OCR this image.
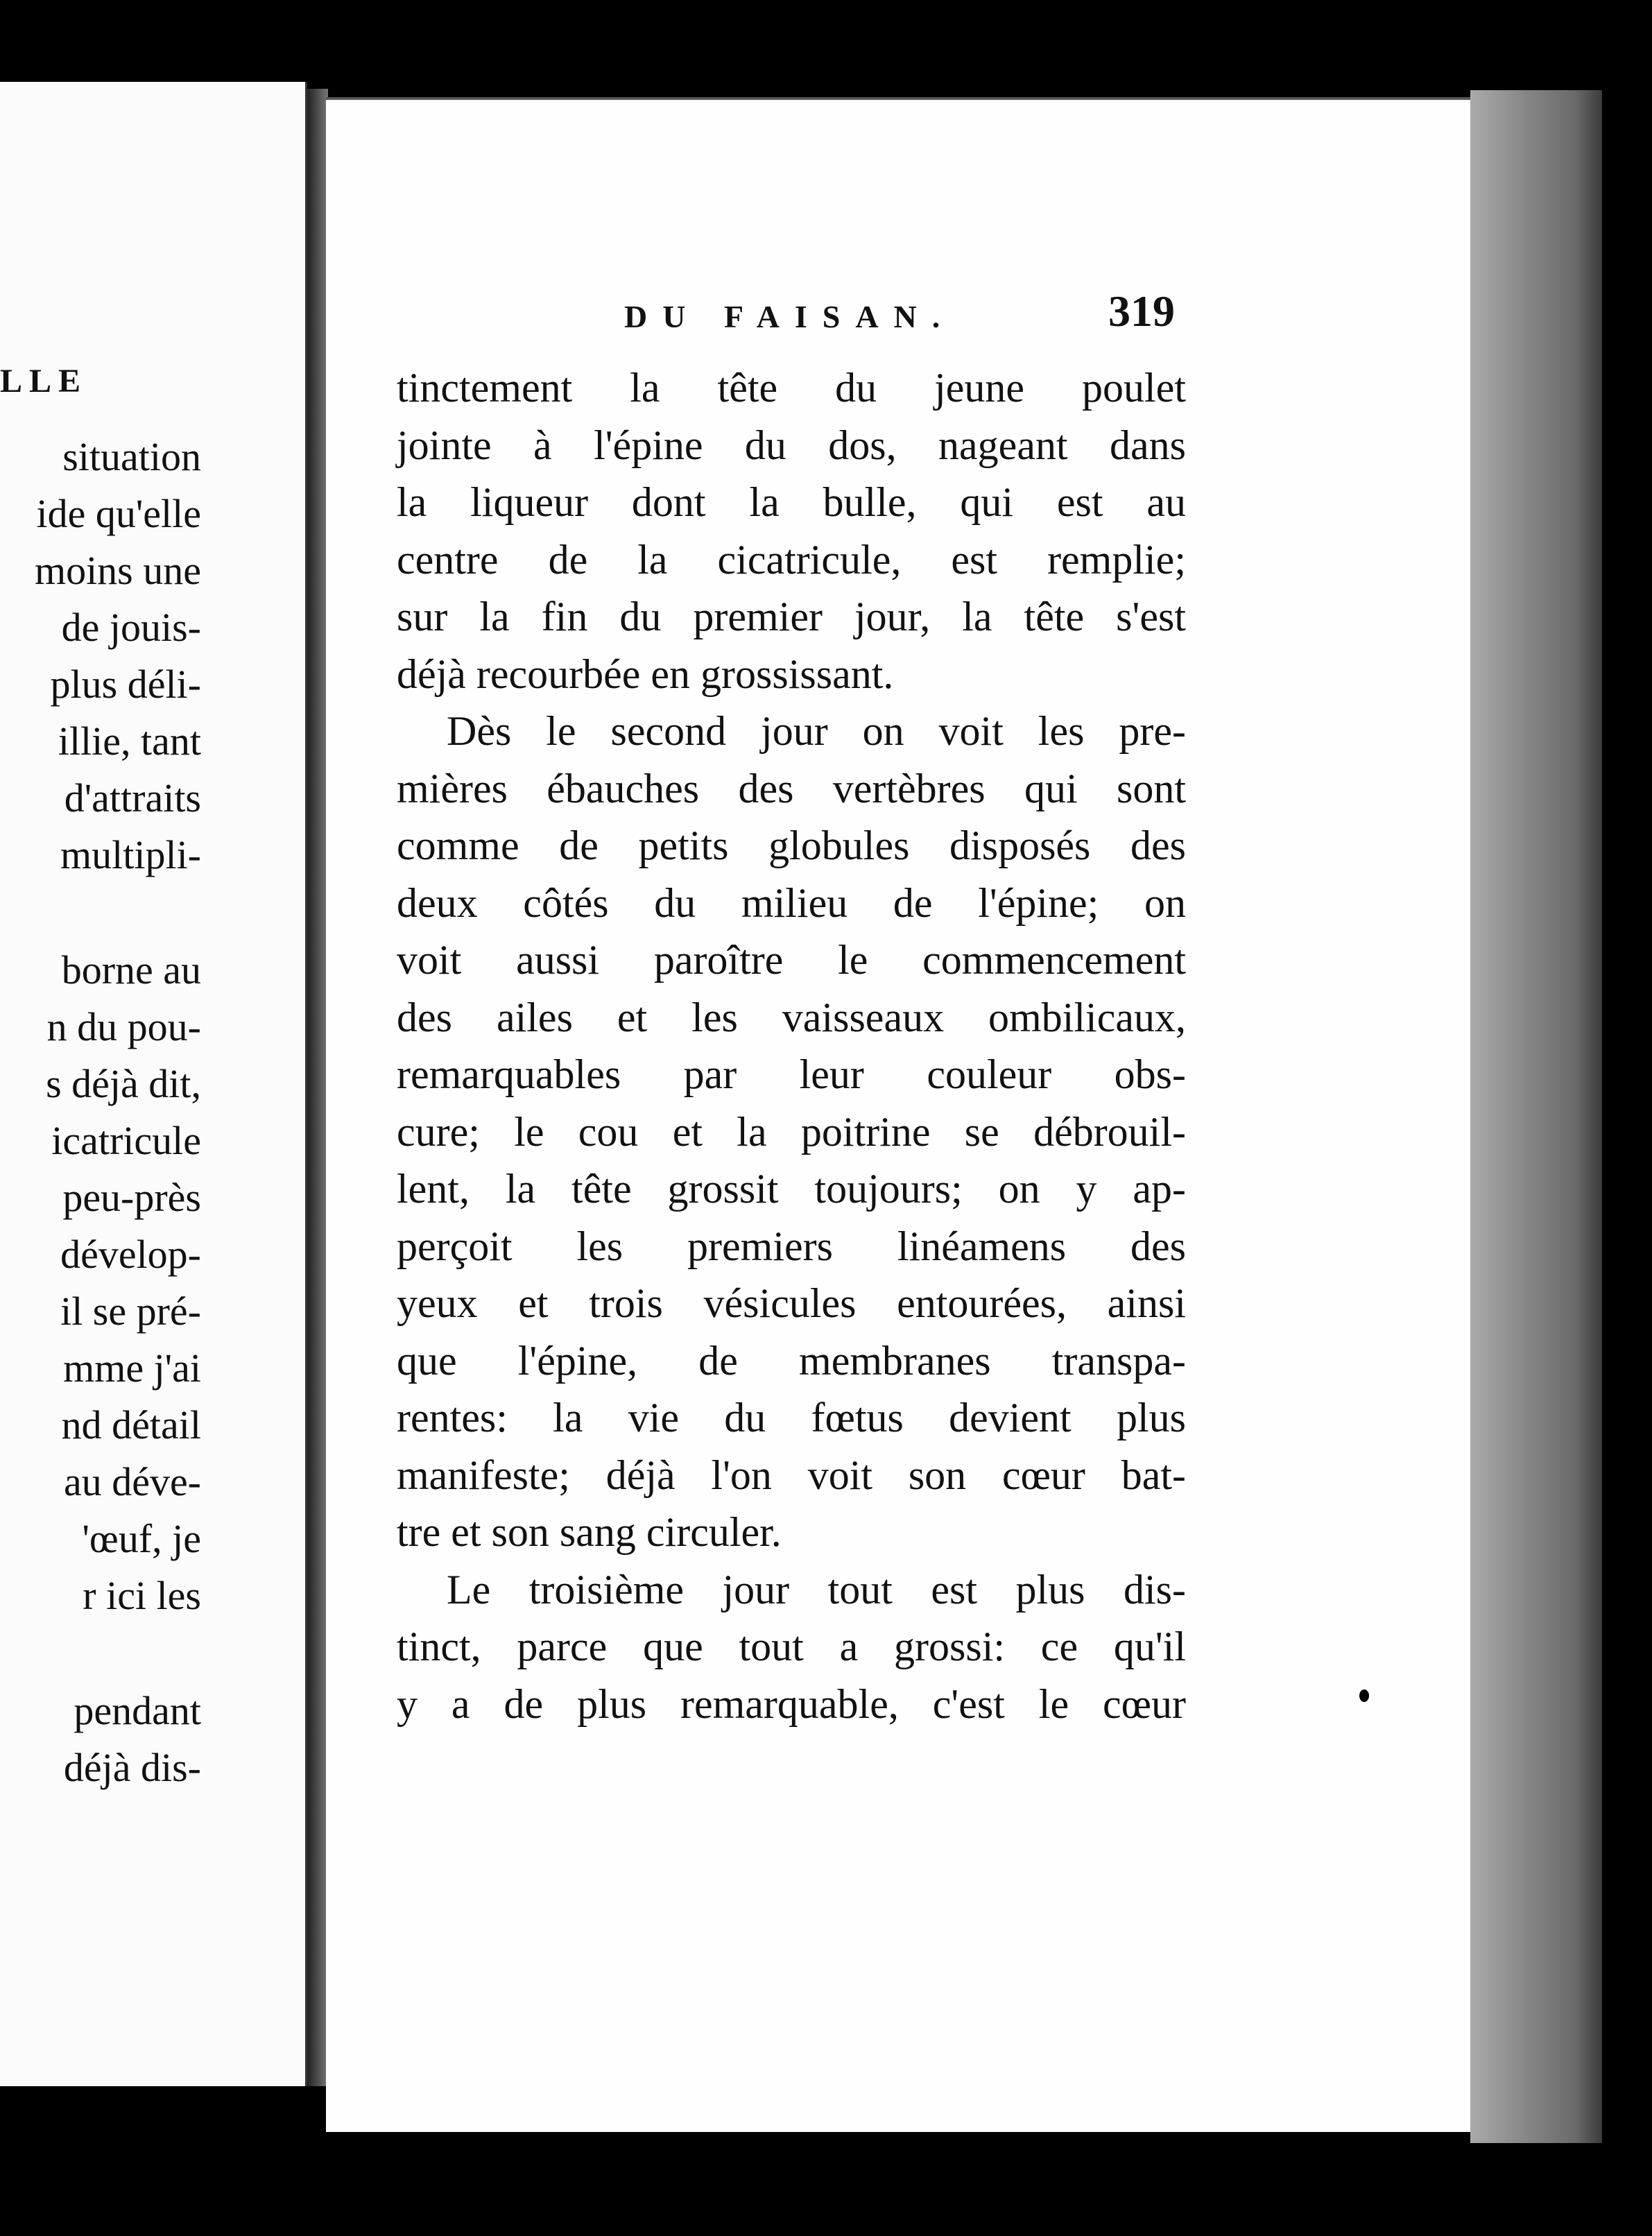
LLE
situation
ide qu'elle
moins une
de jouis-
plus déli-
illie, tant
d'attraits
multipli-
borne au
n du pou-
s déjà dit,
icatricule
peu-près
dévelop-
il se pré-
mme j'ai
nd détail
au déve-
'œuf, je
r ici les
pendant
déjà dis-
DU FAISAN.	319
tinctement la tête du jeune poulet
jointe à l'épine du dos, nageant dans
la liqueur dont la bulle, qui est au
centre de la cicatricule, est remplie;
sur la fin du premier jour, la tête s'est
déjà recourbée en grossissant.
Dès le second jour on voit les pre-
mières ébauches des vertèbres qui sont
comme de petits globules disposés des
deux côtés du milieu de l'épine; on
voit aussi paroître le commencement
des ailes et les vaisseaux ombilicaux,
remarquables par leur couleur obs-
cure; le cou et la poitrine se débrouil-
lent, la tête grossit toujours; on y ap-
perçoit les premiers linéamens des
yeux et trois vésicules entourées, ainsi
que l'épine, de membranes transpa-
rentes: la vie du fœtus devient plus
manifeste; déjà l'on voit son cœur bat-
tre et son sang circuler.
Le troisième jour tout est plus dis-
tinct, parce que tout a grossi: ce qu'il
y a de plus remarquable, c'est le cœur
